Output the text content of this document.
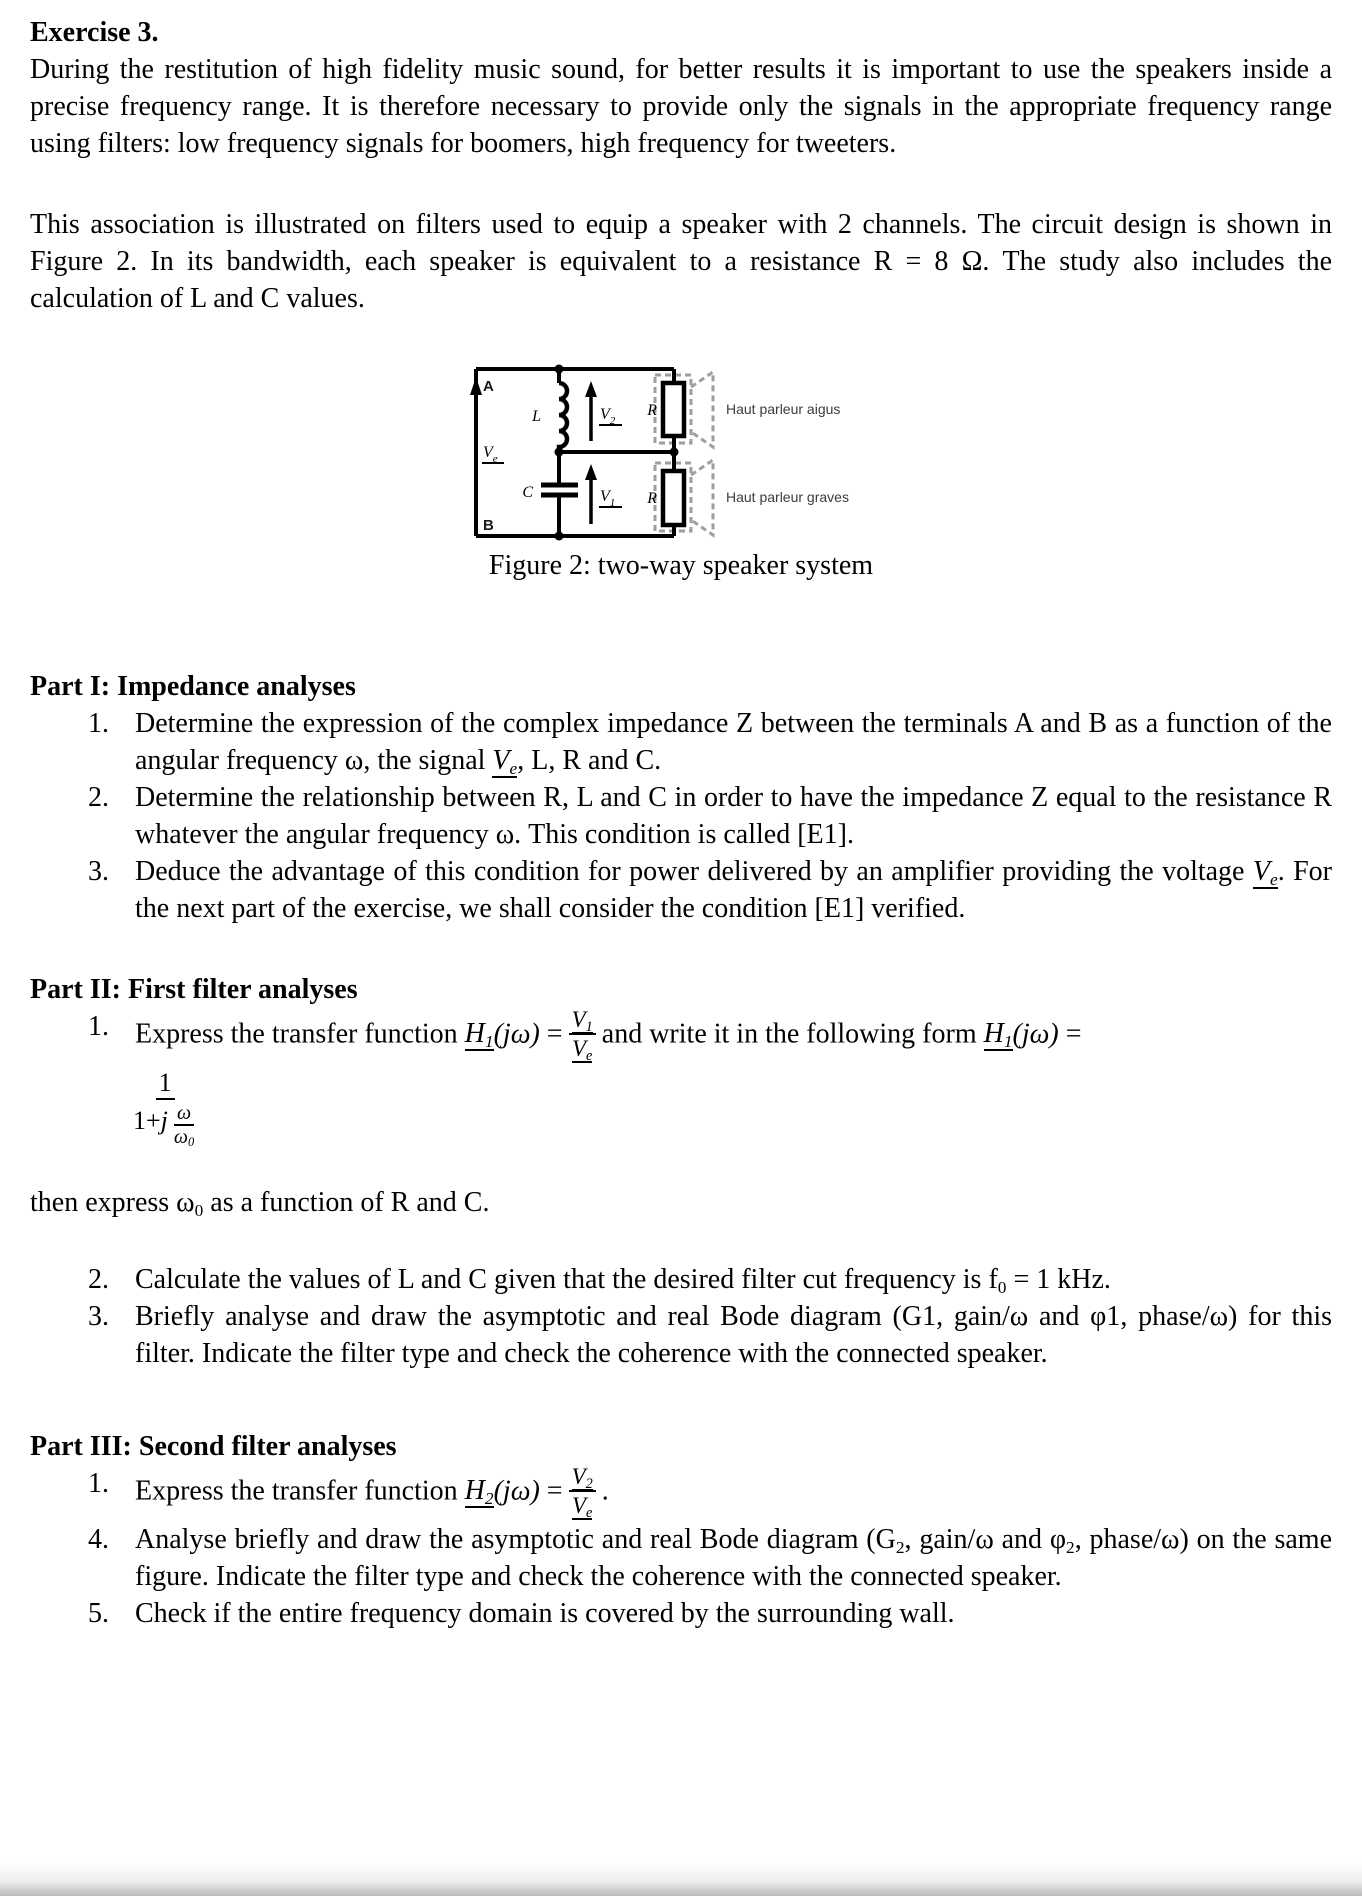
Exercise 3.

During the restitution of high fidelity music sound, for better results it is important to use the speakers inside a precise frequency range. It is therefore necessary to provide only the signals in the appropriate frequency range using filters: low frequency signals for boomers, high frequency for tweeters.

This association is illustrated on filters used to equip a speaker with 2 channels. The circuit design is shown in Figure 2. In its bandwidth, each speaker is equivalent to a resistance R = 8 Ω. The study also includes the calculation of L and C values.

A
B
L
C
R
R
$V_e$
$V_2$
$V_1$
Haut parleur aigus
Haut parleur graves
Figure 2: two-way speaker system
Part I: Impedance analyses
1. Determine the expression of the complex impedance Z between the terminals A and B as a function of the angular frequency ω, the signal $V_e$, L, R and C.
2. Determine the relationship between R, L and C in order to have the impedance Z equal to the resistance R whatever the angular frequency ω. This condition is called [E1].
3. Deduce the advantage of this condition for power delivered by an amplifier providing the voltage $V_e$. For the next part of the exercise, we shall consider the condition [E1] verified.
Part II: First filter analyses
1. Express the transfer function $H_1(j\omega) = \frac{V_1}{V_e}$ and write it in the following form $H_1(j\omega)$ =
$\frac{1}{1+j \frac{\omega}{\omega_0}}$

then express $\omega_0$ as a function of R and C.

2. Calculate the values of L and C given that the desired filter cut frequency is $f_0 = 1$ kHz.
3. Briefly analyse and draw the asymptotic and real Bode diagram (G1, gain/ω and φ1, phase/ω) for this filter. Indicate the filter type and check the coherence with the connected speaker.
Part III: Second filter analyses
1. Express the transfer function $H_2(j\omega) = \frac{V_2}{V_e}$ .
4. Analyse briefly and draw the asymptotic and real Bode diagram ($G_2$, gain/ω and $\varphi_2$, phase/ω) on the same figure. Indicate the filter type and check the coherence with the connected speaker.
5. Check if the entire frequency domain is covered by the surrounding wall.
